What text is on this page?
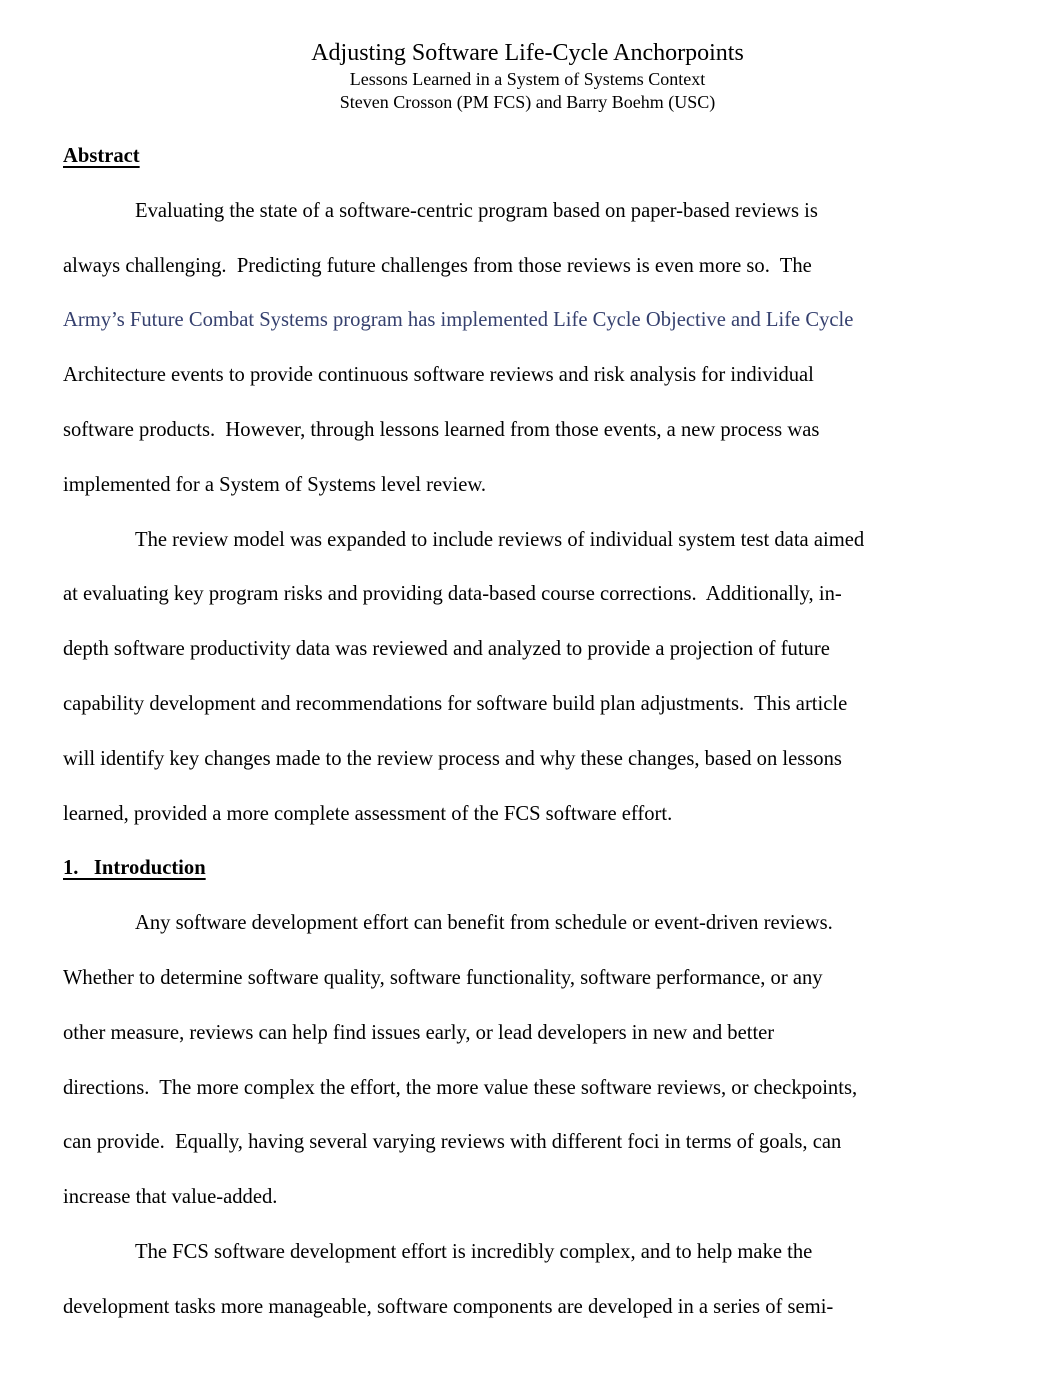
Adjusting Software Life-Cycle Anchorpoints
Lessons Learned in a System of Systems Context
Steven Crosson (PM FCS) and Barry Boehm (USC)
Abstract
Evaluating the state of a software-centric program based on paper-based reviews is
always challenging.  Predicting future challenges from those reviews is even more so.  The
Army’s Future Combat Systems program has implemented Life Cycle Objective and Life Cycle
Architecture events to provide continuous software reviews and risk analysis for individual
software products.  However, through lessons learned from those events, a new process was
implemented for a System of Systems level review.
The review model was expanded to include reviews of individual system test data aimed
at evaluating key program risks and providing data-based course corrections.  Additionally, in-
depth software productivity data was reviewed and analyzed to provide a projection of future
capability development and recommendations for software build plan adjustments.  This article
will identify key changes made to the review process and why these changes, based on lessons
learned, provided a more complete assessment of the FCS software effort.
1.   Introduction
Any software development effort can benefit from schedule or event-driven reviews.
Whether to determine software quality, software functionality, software performance, or any
other measure, reviews can help find issues early, or lead developers in new and better
directions.  The more complex the effort, the more value these software reviews, or checkpoints,
can provide.  Equally, having several varying reviews with different foci in terms of goals, can
increase that value-added.
The FCS software development effort is incredibly complex, and to help make the
development tasks more manageable, software components are developed in a series of semi-
